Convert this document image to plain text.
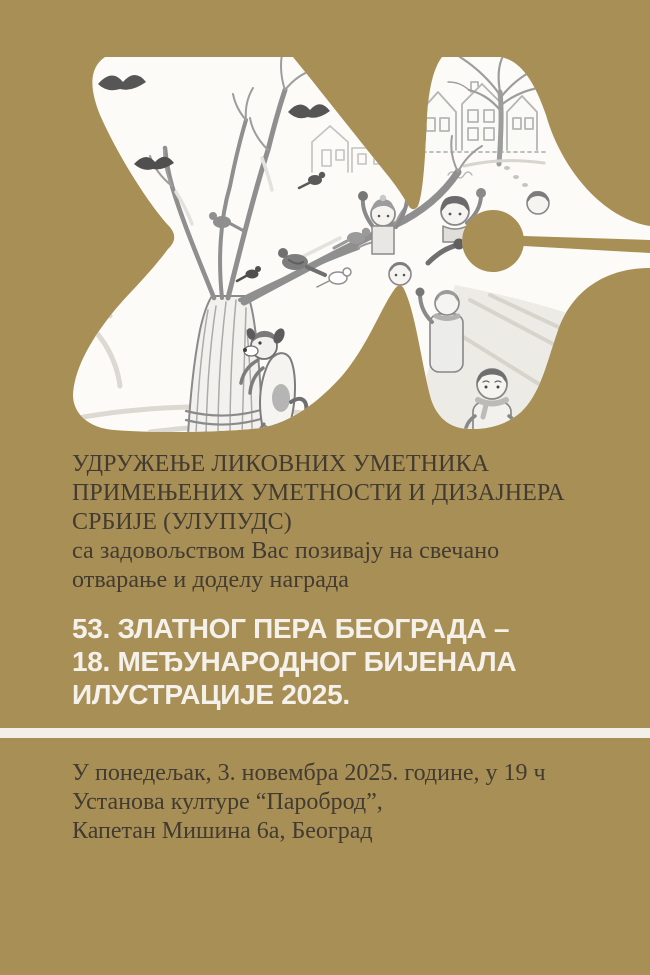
УДРУЖЕЊЕ ЛИКОВНИХ УМЕТНИКА
ПРИМЕЊЕНИХ УМЕТНОСТИ И ДИЗАЈНЕРА
СРБИЈЕ (УЛУПУДС)
са задовољством Вас позивају на свечано
отварање и доделу награда
53. ЗЛАТНОГ ПЕРА БЕОГРАДА –
18. МЕЂУНАРОДНОГ БИЈЕНАЛА
ИЛУСТРАЦИЈЕ 2025.
У понедељак, 3. новембра 2025. године, у 19 ч
Установа културе “Пароброд”,
Капетан Мишина 6а, Београд
